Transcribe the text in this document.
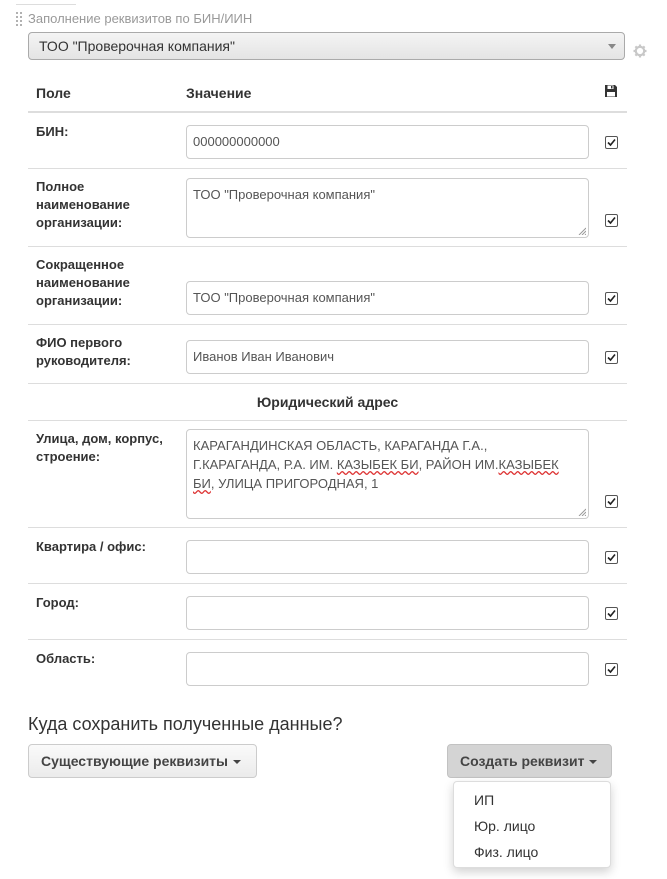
Заполнение реквизитов по БИН/ИИН
ТОО "Проверочная компания"
Поле	Значение
БИН:
000000000000
Полное наименование организации:
ТОО "Проверочная компания"
Сокращенное наименование организации:	ТОО "Проверочная компания"
ФИО первого руководителя:	Иванов Иван Иванович
Юридический адрес
Улица, дом, корпус, строение:
КАРАГАНДИНСКАЯ ОБЛАСТЬ, КАРАГАНДА Г.А.,
Г.КАРАГАНДА, Р.А. ИМ. КАЗЫБЕК БИ, РАЙОН ИМ.КАЗЫБЕК
БИ, УЛИЦА ПРИГОРОДНАЯ, 1
Квартира / офис:
Город:
Область:
Куда сохранить полученные данные?
Существующие реквизиты	Создать реквизит
ИП
Юр. лицо
Физ. лицо
